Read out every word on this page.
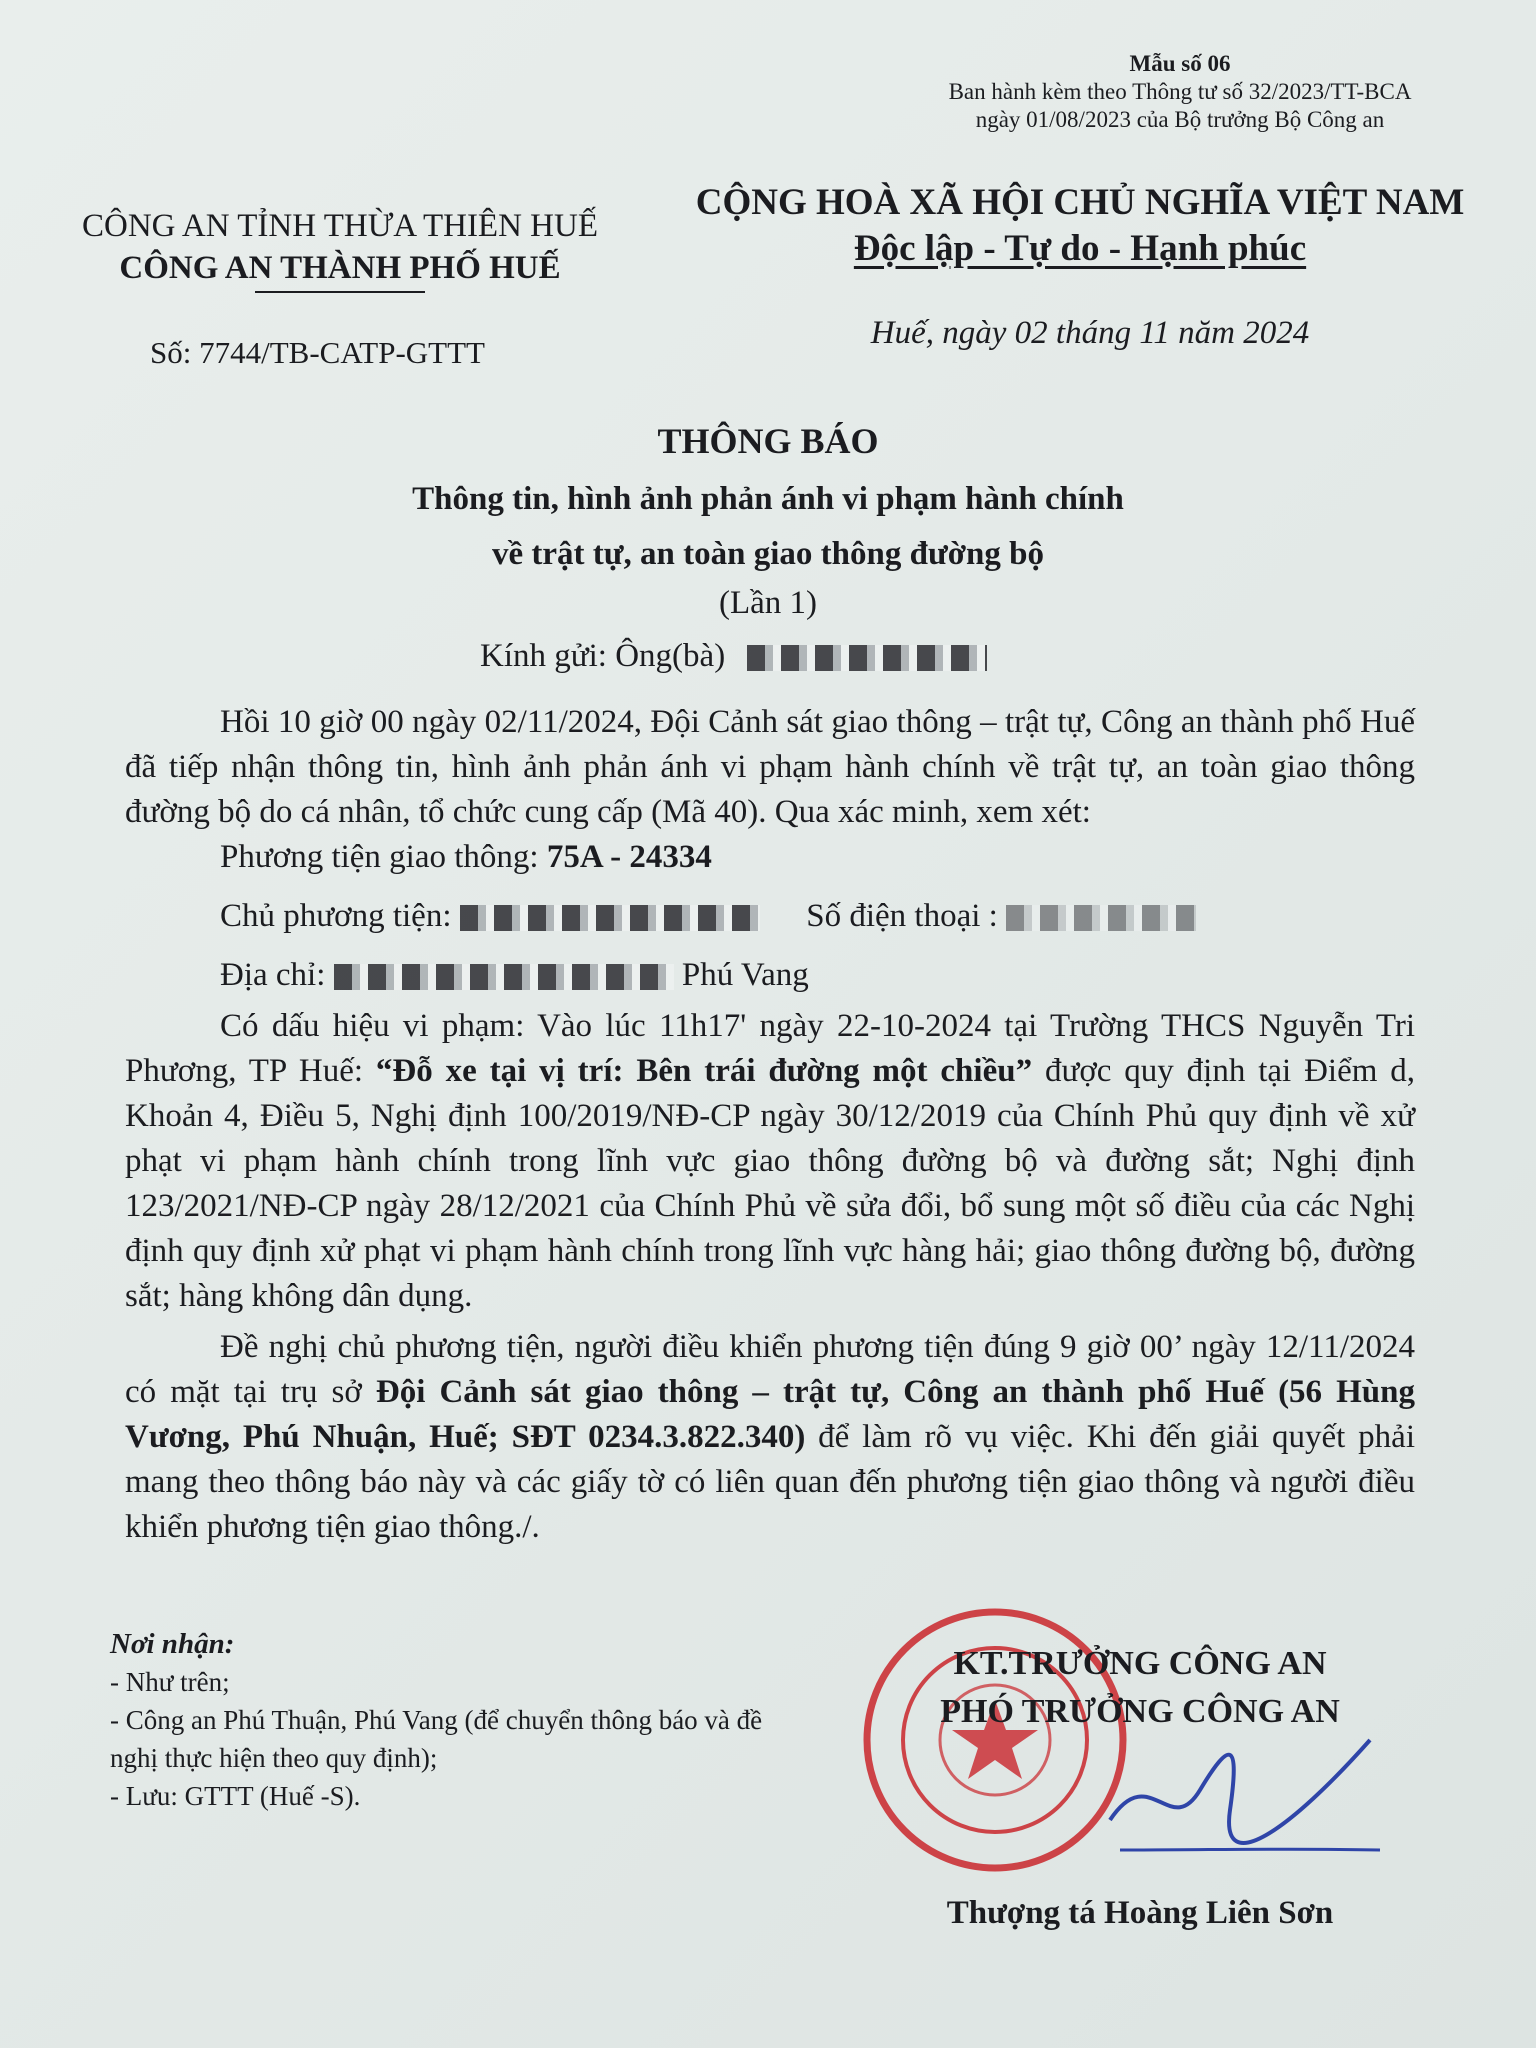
Mẫu số 06
Ban hành kèm theo Thông tư số 32/2023/TT-BCA
ngày 01/08/2023 của Bộ trưởng Bộ Công an
CÔNG AN TỈNH THỪA THIÊN HUẾ
CÔNG AN THÀNH PHỐ HUẾ
CỘNG HOÀ XÃ HỘI CHỦ NGHĨA VIỆT NAM
Độc lập - Tự do - Hạnh phúc
Số: 7744/TB-CATP-GTTT
Huế, ngày 02 tháng 11 năm 2024
THÔNG BÁO
Thông tin, hình ảnh phản ánh vi phạm hành chính
về trật tự, an toàn giao thông đường bộ
(Lần 1)
Kính gửi: Ông(bà)

Hồi 10 giờ 00 ngày 02/11/2024, Đội Cảnh sát giao thông – trật tự, Công an thành phố Huế đã tiếp nhận thông tin, hình ảnh phản ánh vi phạm hành chính về trật tự, an toàn giao thông đường bộ do cá nhân, tổ chức cung cấp (Mã 40). Qua xác minh, xem xét:

Phương tiện giao thông: 75A - 24334

Chủ phương tiện:	Số điện thoại :

Địa chỉ:	Phú Vang

Có dấu hiệu vi phạm: Vào lúc 11h17' ngày 22-10-2024 tại Trường THCS Nguyễn Tri Phương, TP Huế: “Đỗ xe tại vị trí: Bên trái đường một chiều” được quy định tại Điểm d, Khoản 4, Điều 5, Nghị định 100/2019/NĐ-CP ngày 30/12/2019 của Chính Phủ quy định về xử phạt vi phạm hành chính trong lĩnh vực giao thông đường bộ và đường sắt; Nghị định 123/2021/NĐ-CP ngày 28/12/2021 của Chính Phủ về sửa đổi, bổ sung một số điều của các Nghị định quy định xử phạt vi phạm hành chính trong lĩnh vực hàng hải; giao thông đường bộ, đường sắt; hàng không dân dụng.

Đề nghị chủ phương tiện, người điều khiển phương tiện đúng 9 giờ 00’ ngày 12/11/2024 có mặt tại trụ sở Đội Cảnh sát giao thông – trật tự, Công an thành phố Huế (56 Hùng Vương, Phú Nhuận, Huế; SĐT 0234.3.822.340) để làm rõ vụ việc. Khi đến giải quyết phải mang theo thông báo này và các giấy tờ có liên quan đến phương tiện giao thông và người điều khiển phương tiện giao thông./.

Nơi nhận:
- Như trên;
- Công an Phú Thuận, Phú Vang (để chuyển thông báo và đề nghị thực hiện theo quy định);
- Lưu: GTTT (Huế -S).
KT.TRƯỞNG CÔNG AN
PHÓ TRƯỞNG CÔNG AN
Thượng tá Hoàng Liên Sơn
